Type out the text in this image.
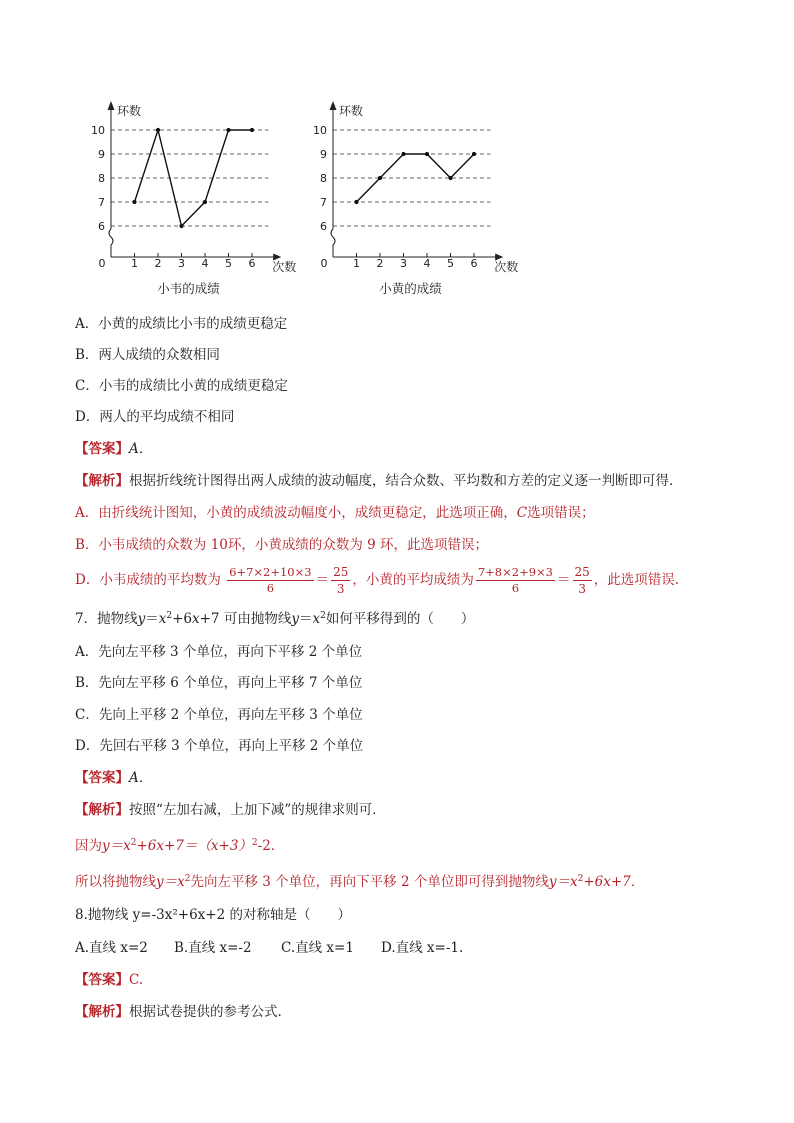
0 1 2 3 4 5 6
6
7
8
9
10
环数
次数
小韦的成绩
0 1 2 3 4 5 6
6
7
8
9
10
环数
次数
小黄的成绩
A．小黄的成绩比小韦的成绩更稳定
B．两人成绩的众数相同
C．小韦的成绩比小黄的成绩更稳定
D．两人的平均成绩不相同
【答案】A．
【解析】根据折线统计图得出两人成绩的波动幅度，结合众数、平均数和方差的定义逐一判断即可得．
A．由折线统计图知，小黄的成绩波动幅度小，成绩更稳定，此选项正确，C选项错误；
B．小韦成绩的众数为 10环，小黄成绩的众数为 9 环，此选项错误；
D．小韦成绩的平均数为 $\frac{6+7\times 2+10\times 3}{6} = \frac{25}{3}$ ，小黄的平均成绩为 $\frac{7+8\times 2+9\times 3}{6} = \frac{25}{3}$ ，此选项错误.
7．抛物线$y=x^2+6x+7$ 可由抛物线$y=x^2$如何平移得到的（　　）
A．先向左平移 3 个单位，再向下平移 2 个单位
B．先向左平移 6 个单位，再向上平移 7 个单位
C．先向上平移 2 个单位，再向左平移 3 个单位
D．先回右平移 3 个单位，再向上平移 2 个单位
【答案】A．
【解析】按照“左加右减，上加下减”的规律求则可．
因为$y=x^2+6x+7=(x+3)^2-2$．
所以将抛物线$y=x^2$先向左平移 3 个单位，再向下平移 2 个单位即可得到抛物线$y=x^2+6x+7$．
8.抛物线 y=-3x²+6x+2 的对称轴是（　　）
A.直线 x=2 B.直线 x=-2 C.直线 x=1 D.直线 x=-1.
【答案】C.
【解析】根据试卷提供的参考公式.
